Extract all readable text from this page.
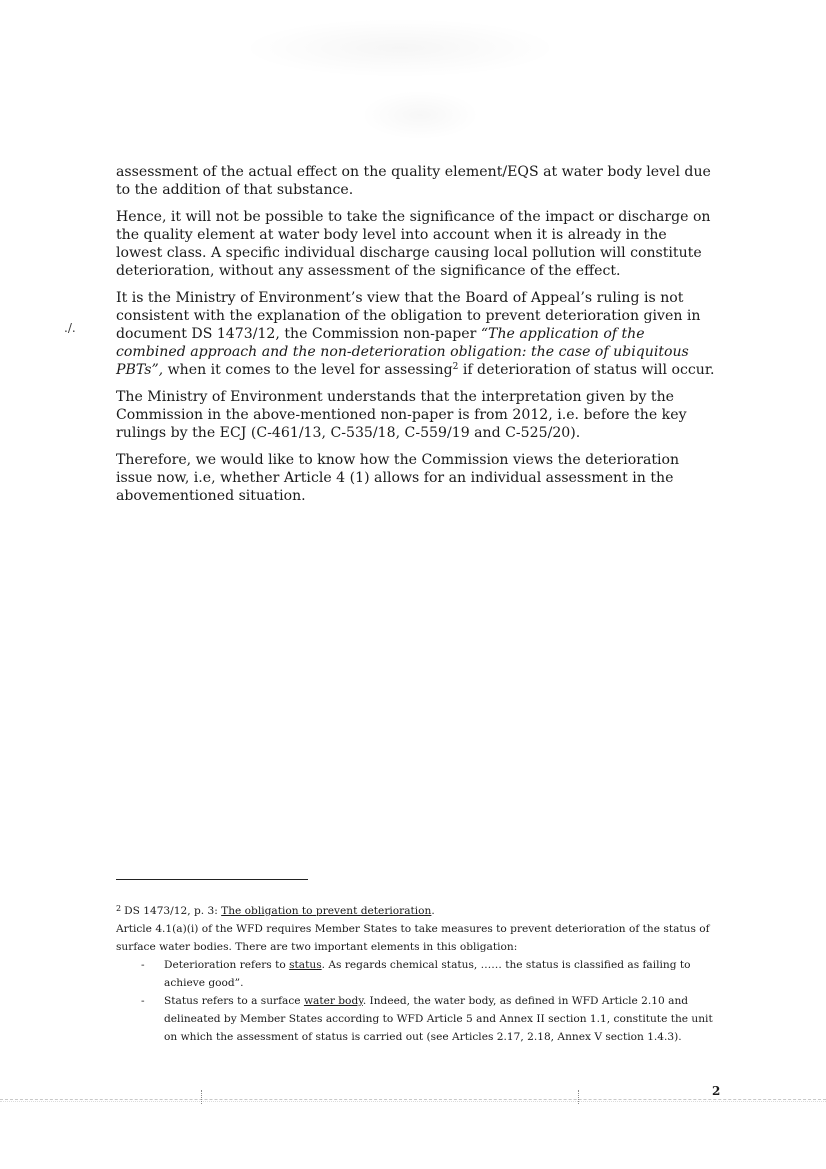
./.

assessment of the actual effect on the quality element/EQS at water body level due to the addition of that substance.

Hence, it will not be possible to take the significance of the impact or discharge on the quality element at water body level into account when it is already in the lowest class. A specific individual discharge causing local pollution will constitute deterioration, without any assessment of the significance of the effect.

It is the Ministry of Environment’s view that the Board of Appeal’s ruling is not consistent with the explanation of the obligation to prevent deterioration given in document DS 1473/12, the Commission non-paper “The application of the combined approach and the non-deterioration obligation: the case of ubiquitous PBTs”, when it comes to the level for assessing$^2$ if deterioration of status will occur.

The Ministry of Environment understands that the interpretation given by the Commission in the above-mentioned non-paper is from 2012, i.e. before the key rulings by the ECJ (C-461/13, C-535/18, C-559/19 and C-525/20).

Therefore, we would like to know how the Commission views the deterioration issue now, i.e, whether Article 4 (1) allows for an individual assessment in the abovementioned situation.

$^2$ DS 1473/12, p. 3: The obligation to prevent deterioration.

Article 4.1(a)(i) of the WFD requires Member States to take measures to prevent deterioration of the status of surface water bodies. There are two important elements in this obligation:

- Deterioration refers to status. As regards chemical status, …… the status is classified as failing to achieve good”.
- Status refers to a surface water body. Indeed, the water body, as defined in WFD Article 2.10 and delineated by Member States according to WFD Article 5 and Annex II section 1.1, constitute the unit on which the assessment of status is carried out (see Articles 2.17, 2.18, Annex V section 1.4.3).
2
